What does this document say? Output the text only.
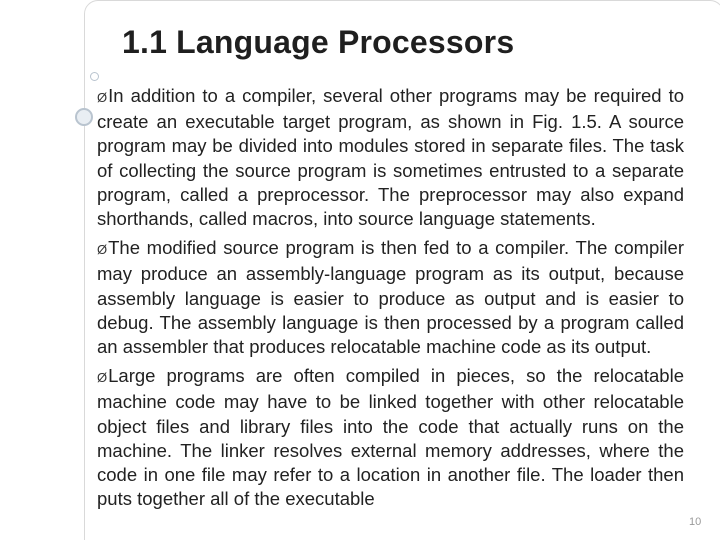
1.1 Language Processors
ØIn addition to a compiler, several other programs may be required to create an executable target program, as shown in Fig. 1.5. A source program may be divided into modules stored in separate files. The task of collecting the source program is sometimes entrusted to a separate program, called a preprocessor. The preprocessor may also expand shorthands, called macros, into source language statements.
ØThe modified source program is then fed to a compiler. The compiler may produce an assembly-language program as its output, because assembly language is easier to produce as output and is easier to debug. The assembly language is then processed by a program called an assembler that produces relocatable machine code as its output.
ØLarge programs are often compiled in pieces, so the relocatable machine code may have to be linked together with other relocatable object files and library files into the code that actually runs on the machine. The linker resolves external memory addresses, where the code in one file may refer to a location in another file. The loader then puts together all of the executable
10
